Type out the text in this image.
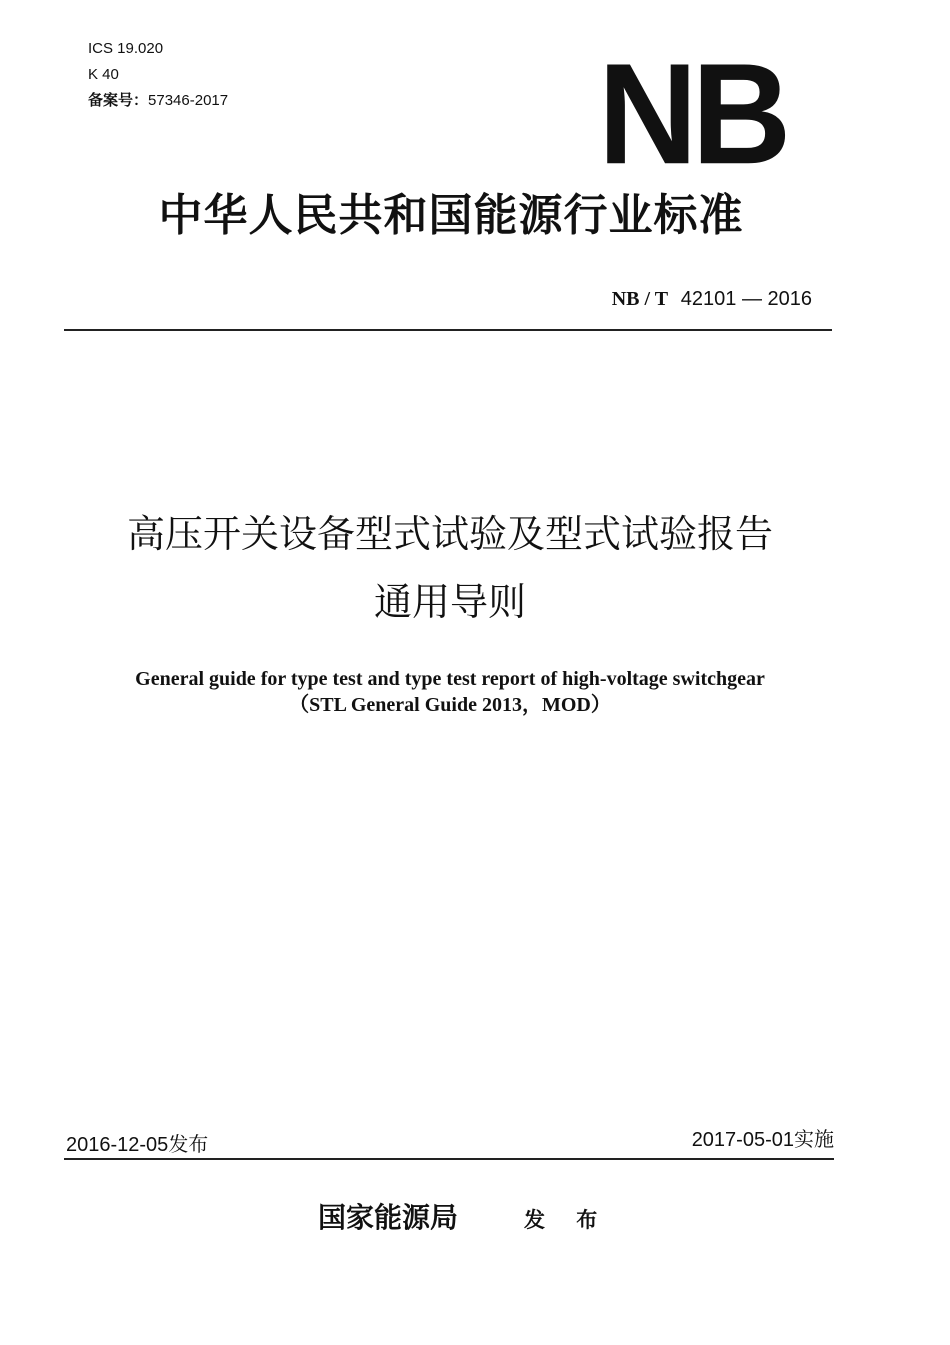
ICS 19.020
K 40
备案号：57346-2017	NB
中华人民共和国能源行业标准
NB / T 42101 — 2016
高压开关设备型式试验及型式试验报告
通用导则
General guide for type test and type test report of high-voltage switchgear
（STL General Guide 2013，MOD）
2016-12-05发布	2017-05-01实施
国家能源局	发 布
